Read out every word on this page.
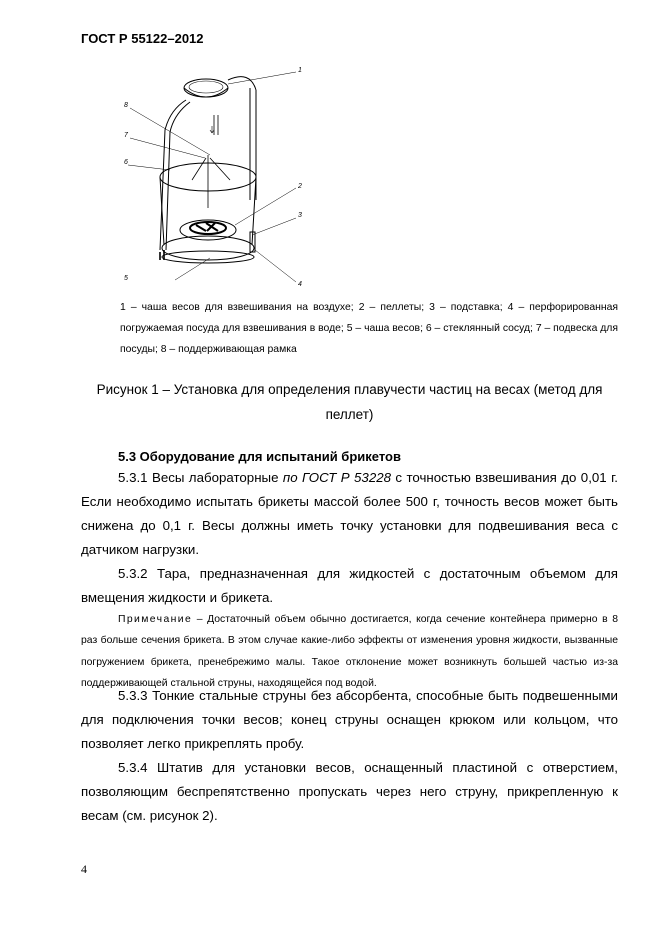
ГОСТ Р 55122–2012
1
2
3
4
5
6
7
8
1 – чаша весов для взвешивания на воздухе; 2 – пеллеты; 3 – подставка; 4 – перфорированная погружаемая посуда для взвешивания в воде; 5 – чаша весов; 6 – стеклянный сосуд; 7 – подвеска для посуды; 8 – поддерживающая рамка
Рисунок 1 – Установка для определения плавучести частиц на весах (метод для пеллет)
5.3 Оборудование для испытаний брикетов
5.3.1 Весы лабораторные по ГОСТ Р 53228 с точностью взвешивания до 0,01 г. Если необходимо испытать брикеты массой более 500 г, точность весов может быть снижена до 0,1 г. Весы должны иметь точку установки для подвешивания веса с датчиком нагрузки.
5.3.2 Тара, предназначенная для жидкостей с достаточным объемом для вмещения жидкости и брикета.
Примечание – Достаточный объем обычно достигается, когда сечение контейнера примерно в 8 раз больше сечения брикета. В этом случае какие-либо эффекты от изменения уровня жидкости, вызванные погружением брикета, пренебрежимо малы. Такое отклонение может возникнуть большей частью из-за поддерживающей стальной струны, находящейся под водой.
5.3.3 Тонкие стальные струны без абсорбента, способные быть подвешенными для подключения точки весов; конец струны оснащен крюком или кольцом, что позволяет легко прикреплять пробу.
5.3.4 Штатив для установки весов, оснащенный пластиной с отверстием, позволяющим беспрепятственно пропускать через него струну, прикрепленную к весам (см. рисунок 2).
4
